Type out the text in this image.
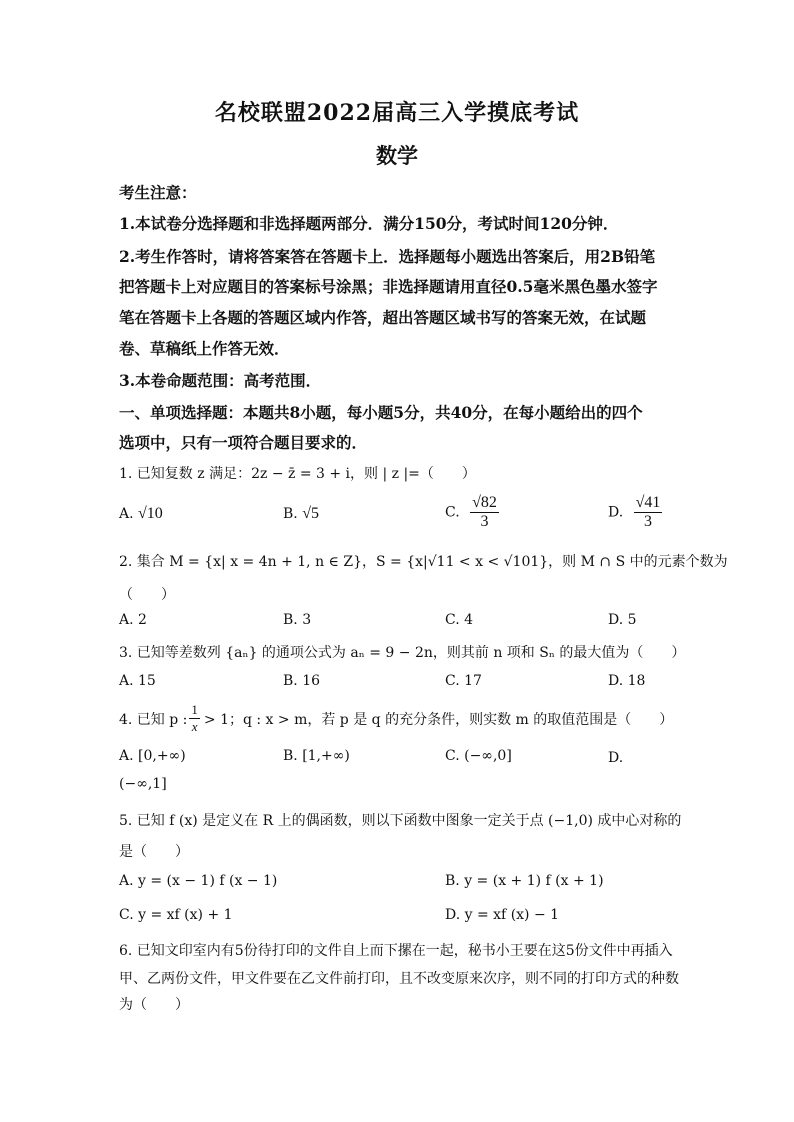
名校联盟2022届高三入学摸底考试
数学
考生注意：
1.本试卷分选择题和非选择题两部分．满分150分，考试时间120分钟．
2.考生作答时，请将答案答在答题卡上．选择题每小题选出答案后，用2B铅笔
把答题卡上对应题目的答案标号涂黑；非选择题请用直径0.5毫米黑色墨水签字
笔在答题卡上各题的答题区域内作答，超出答题区域书写的答案无效，在试题
卷、草稿纸上作答无效．
3.本卷命题范围：高考范围．
一、单项选择题：本题共8小题，每小题5分，共40分，在每小题给出的四个
选项中，只有一项符合题目要求的．
1. 已知复数 z 满足：2z − z̄ = 3 + i，则 | z |=（　　）
A. √10	B. √5	C. $\frac{√82}{3}$	D. $\frac{√41}{3}$
2. 集合 M = {x| x = 4n + 1, n ∈ Z}，S = {x|√11 < x < √101}，则 M ∩ S 中的元素个数为
（　　）
A. 2	B. 3	C. 4	D. 5
3. 已知等差数列 {aₙ} 的通项公式为 aₙ = 9 − 2n，则其前 n 项和 Sₙ 的最大值为（　　）
A. 15	B. 16	C. 17	D. 18
4. 已知 p : $\frac{1}{x} > 1$；q : x > m，若 p 是 q 的充分条件，则实数 m 的取值范围是（　　）
A. [0,+∞)	B. [1,+∞)	C. (−∞,0]	D.
(−∞,1]
5. 已知 f (x) 是定义在 R 上的偶函数，则以下函数中图象一定关于点 (−1,0) 成中心对称的
是（　　）
A. y = (x − 1) f (x − 1)	B. y = (x + 1) f (x + 1)
C. y = xf (x) + 1	D. y = xf (x) − 1
6. 已知文印室内有5份待打印的文件自上而下摞在一起，秘书小王要在这5份文件中再插入
甲、乙两份文件，甲文件要在乙文件前打印，且不改变原来次序，则不同的打印方式的种数
为（　　）
